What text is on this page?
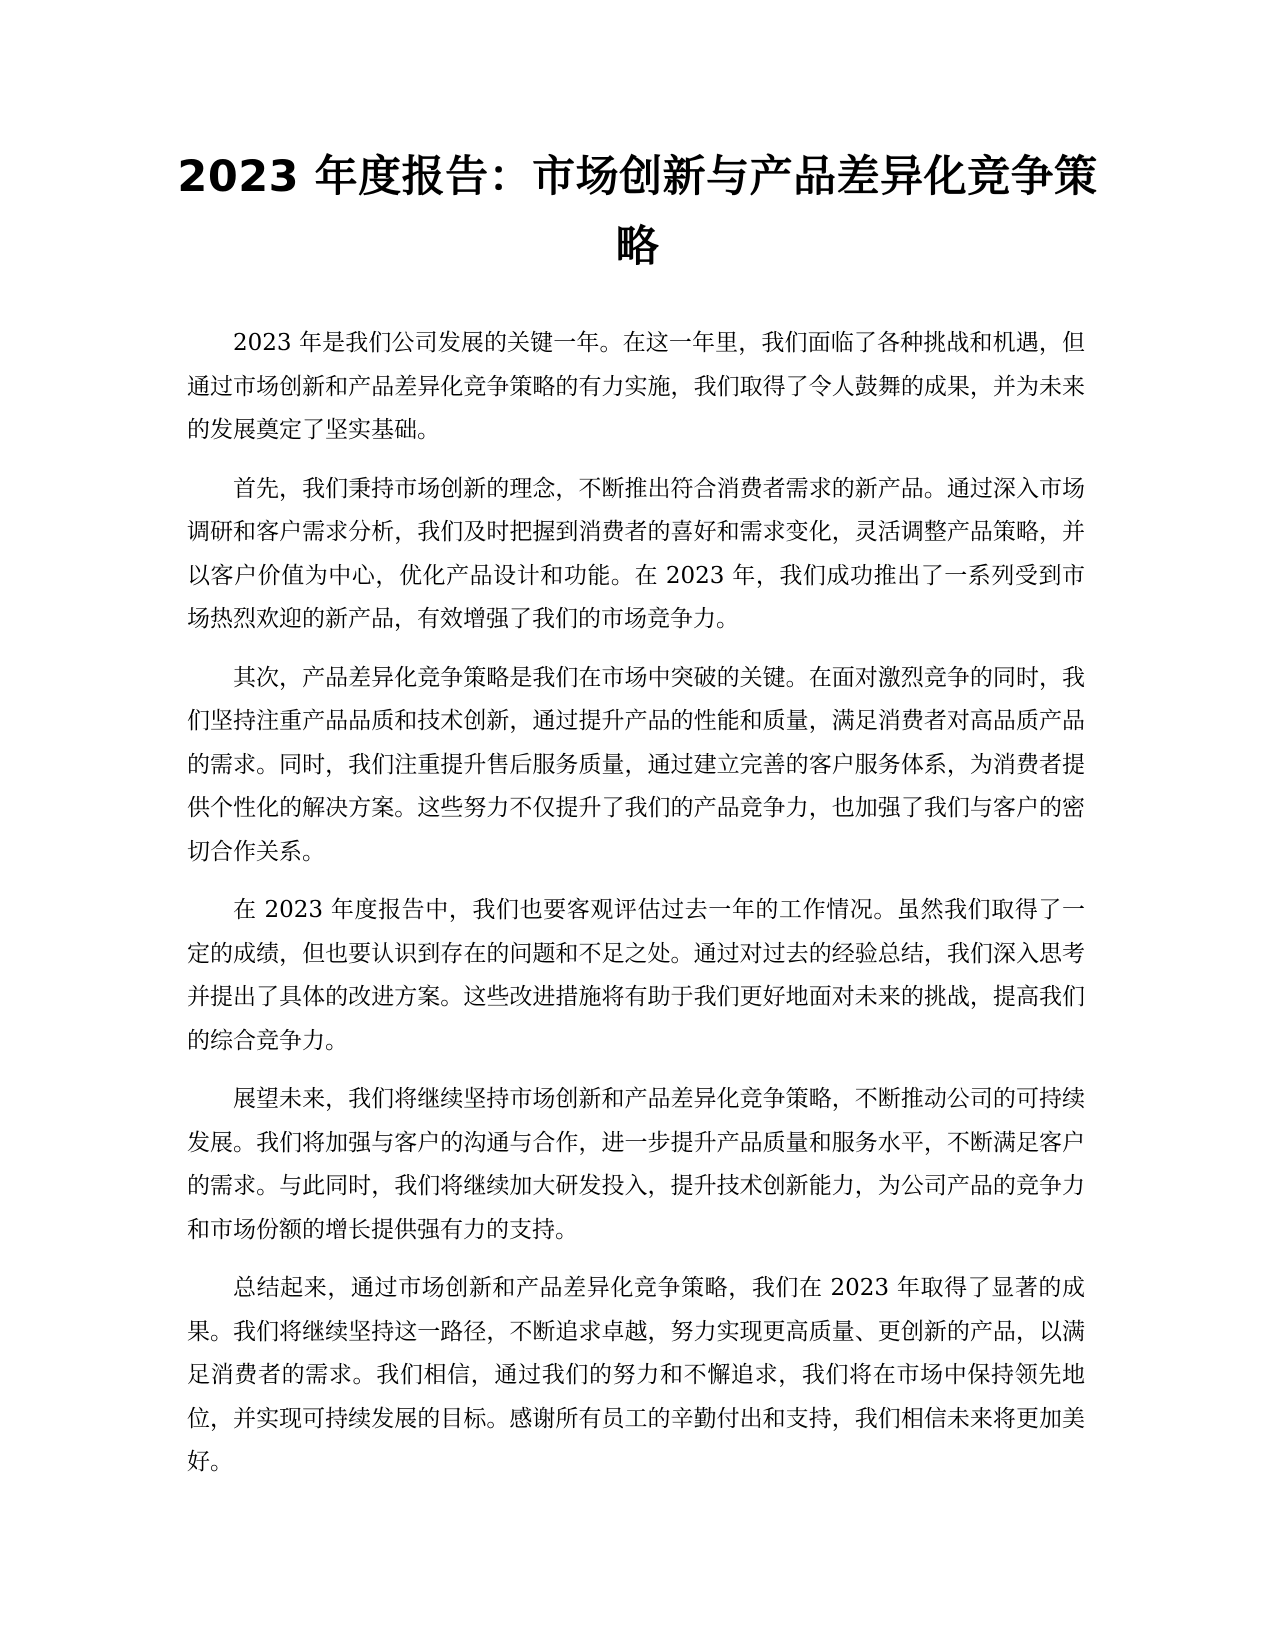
2023 年度报告：市场创新与产品差异化竞争策略

2023 年是我们公司发展的关键一年。在这一年里，我们面临了各种挑战和机遇，但通过市场创新和产品差异化竞争策略的有力实施，我们取得了令人鼓舞的成果，并为未来的发展奠定了坚实基础。

首先，我们秉持市场创新的理念，不断推出符合消费者需求的新产品。通过深入市场调研和客户需求分析，我们及时把握到消费者的喜好和需求变化，灵活调整产品策略，并以客户价值为中心，优化产品设计和功能。在 2023 年，我们成功推出了一系列受到市场热烈欢迎的新产品，有效增强了我们的市场竞争力。

其次，产品差异化竞争策略是我们在市场中突破的关键。在面对激烈竞争的同时，我们坚持注重产品品质和技术创新，通过提升产品的性能和质量，满足消费者对高品质产品的需求。同时，我们注重提升售后服务质量，通过建立完善的客户服务体系，为消费者提供个性化的解决方案。这些努力不仅提升了我们的产品竞争力，也加强了我们与客户的密切合作关系。

在 2023 年度报告中，我们也要客观评估过去一年的工作情况。虽然我们取得了一定的成绩，但也要认识到存在的问题和不足之处。通过对过去的经验总结，我们深入思考并提出了具体的改进方案。这些改进措施将有助于我们更好地面对未来的挑战，提高我们的综合竞争力。

展望未来，我们将继续坚持市场创新和产品差异化竞争策略，不断推动公司的可持续发展。我们将加强与客户的沟通与合作，进一步提升产品质量和服务水平，不断满足客户的需求。与此同时，我们将继续加大研发投入，提升技术创新能力，为公司产品的竞争力和市场份额的增长提供强有力的支持。

总结起来，通过市场创新和产品差异化竞争策略，我们在 2023 年取得了显著的成果。我们将继续坚持这一路径，不断追求卓越，努力实现更高质量、更创新的产品，以满足消费者的需求。我们相信，通过我们的努力和不懈追求，我们将在市场中保持领先地位，并实现可持续发展的目标。感谢所有员工的辛勤付出和支持，我们相信未来将更加美好。
